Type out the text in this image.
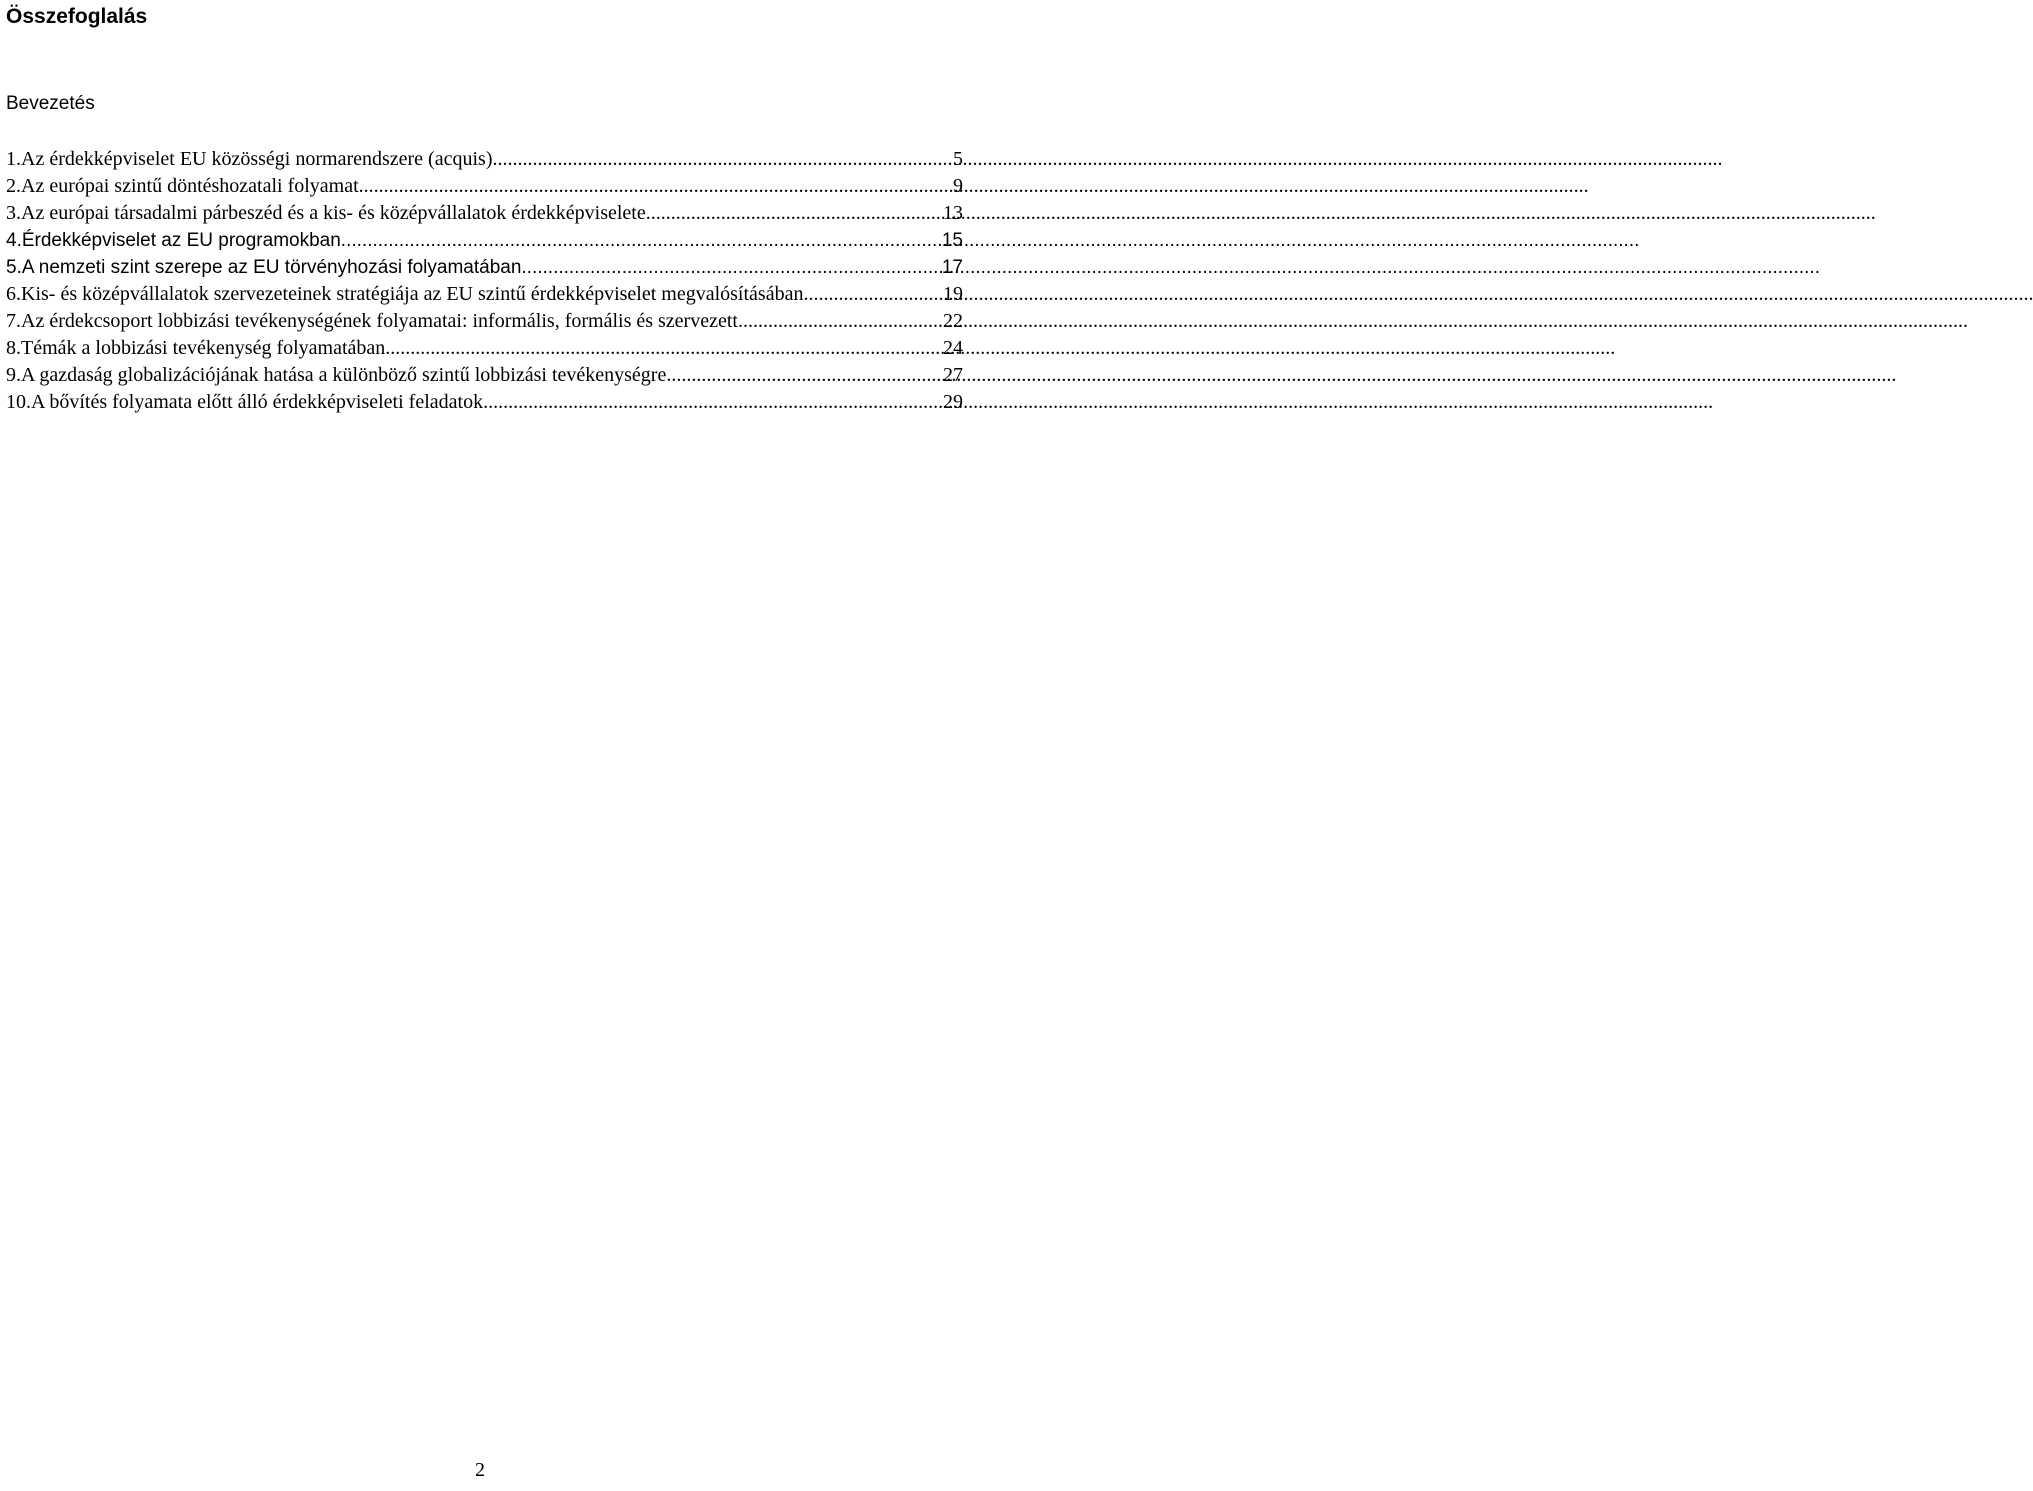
Összefoglalás

Bevezetés

1. Az érdekképviselet EU közösségi normarendszere (acquis) .....	5
2. Az európai szintű döntéshozatali folyamat .....	9
3. Az európai társadalmi párbeszéd és a kis- és középvállalatok érdekképviselete .....	13
4. Érdekképviselet az EU programokban .....	15
5. A nemzeti szint szerepe az EU törvényhozási folyamatában .....	17
6. Kis- és középvállalatok szervezeteinek stratégiája az EU szintű érdekképviselet megvalósításában .....	19
7. Az érdekcsoport lobbizási tevékenységének folyamatai: informális, formális és szervezett .....	22
8. Témák a lobbizási tevékenység folyamatában .....	24
9. A gazdaság globalizációjának hatása a különböző szintű lobbizási tevékenységre .....	27
10. A bővítés folyamata előtt álló érdekképviseleti feladatok .....	29
2
